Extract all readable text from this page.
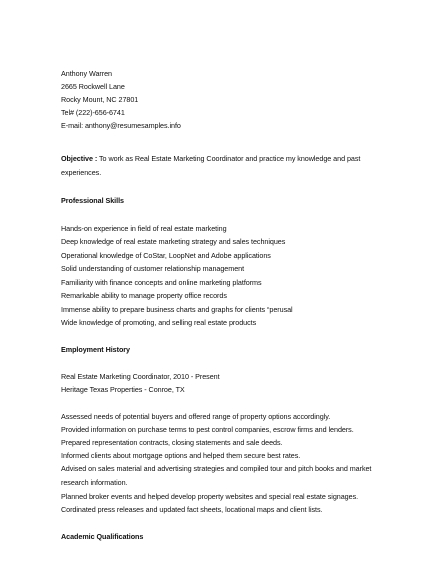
Anthony Warren
2665 Rockwell Lane
Rocky Mount, NC 27801
Tel# (222)-656-6741
E-mail: anthony@resumesamples.info
Objective : To work as Real Estate Marketing Coordinator and practice my knowledge and past experiences.
Professional Skills
Hands-on experience in field of real estate marketing
Deep knowledge of real estate marketing strategy and sales techniques
Operational knowledge of CoStar, LoopNet and Adobe applications
Solid understanding of customer relationship management
Familiarity with finance concepts and online marketing platforms
Remarkable ability to manage property office records
Immense ability to prepare business charts and graphs for clients “perusal
Wide knowledge of promoting, and selling real estate products
Employment History
Real Estate Marketing Coordinator, 2010 - Present
Heritage Texas Properties - Conroe, TX
Assessed needs of potential buyers and offered range of property options accordingly.
Provided information on purchase terms to pest control companies, escrow firms and lenders.
Prepared representation contracts, closing statements and sale deeds.
Informed clients about mortgage options and helped them secure best rates.
Advised on sales material and advertising strategies and compiled tour and pitch books and market research information.
Planned broker events and helped develop property websites and special real estate signages.
Cordinated press releases and updated fact sheets, locational maps and client lists.
Academic Qualifications
